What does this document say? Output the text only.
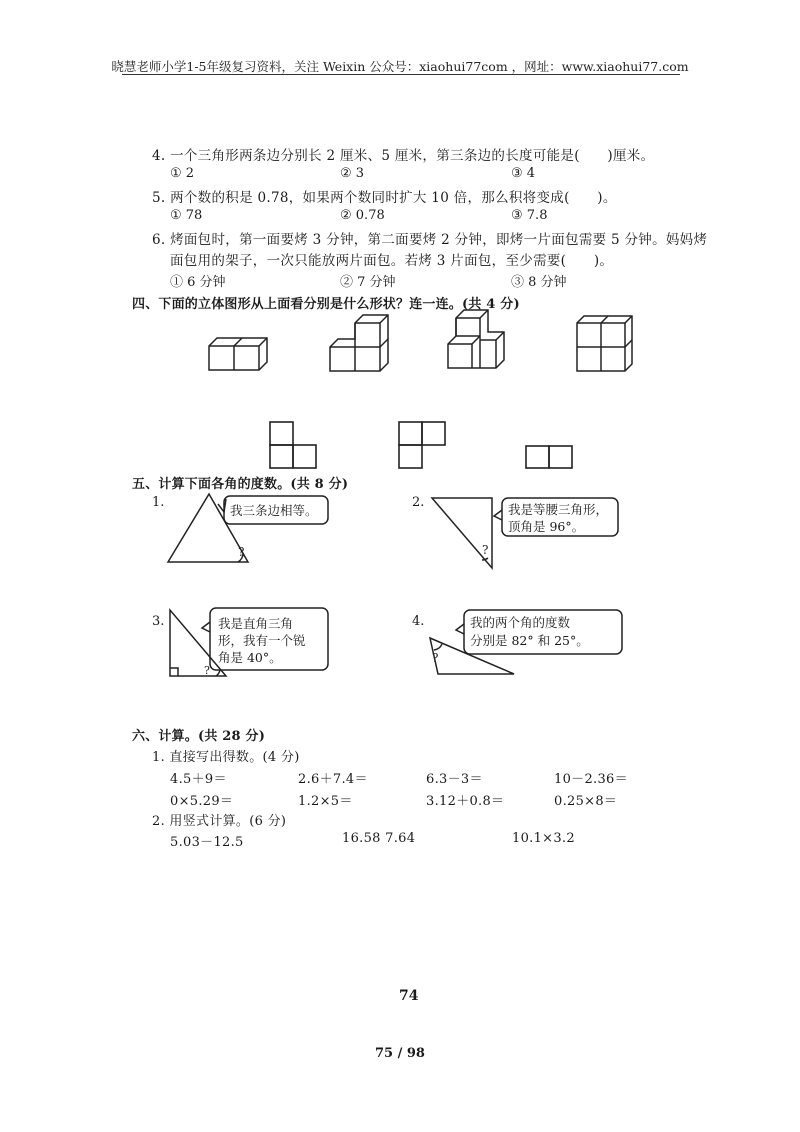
晓慧老师小学1-5年级复习资料，关注 Weixin 公众号：xiaohui77com ，网址：www.xiaohui77.com
4. 一个三角形两条边分别长 2 厘米、5 厘米，第三条边的长度可能是(　　)厘米。
① 2	② 3	③ 4
5. 两个数的积是 0.78，如果两个数同时扩大 10 倍，那么积将变成(　　)。
① 78	② 0.78	③ 7.8
6. 烤面包时，第一面要烤 3 分钟，第二面要烤 2 分钟，即烤一片面包需要 5 分钟。妈妈烤
面包用的架子，一次只能放两片面包。若烤 3 片面包，至少需要(　　)。
① 6 分钟	② 7 分钟	③ 8 分钟
四、下面的立体图形从上面看分别是什么形状？连一连。(共 4 分)
五、计算下面各角的度数。(共 8 分)
1.
?
我三条边相等。
2.
?
我是等腰三角形，
顶角是 96°。
3.
?
我是直角三角
形，我有一个锐
角是 40°。
4.
?
我的两个角的度数
分别是 82° 和 25°。
六、计算。(共 28 分)
1. 直接写出得数。(4 分)
4.5＋9＝	2.6＋7.4＝	6.3－3＝	10－2.36＝
0×5.29＝	1.2×5＝	3.12＋0.8＝	0.25×8＝
2. 用竖式计算。(6 分)
5.03－12.5	16.58 7.64	10.1×3.2
74
75 / 98
